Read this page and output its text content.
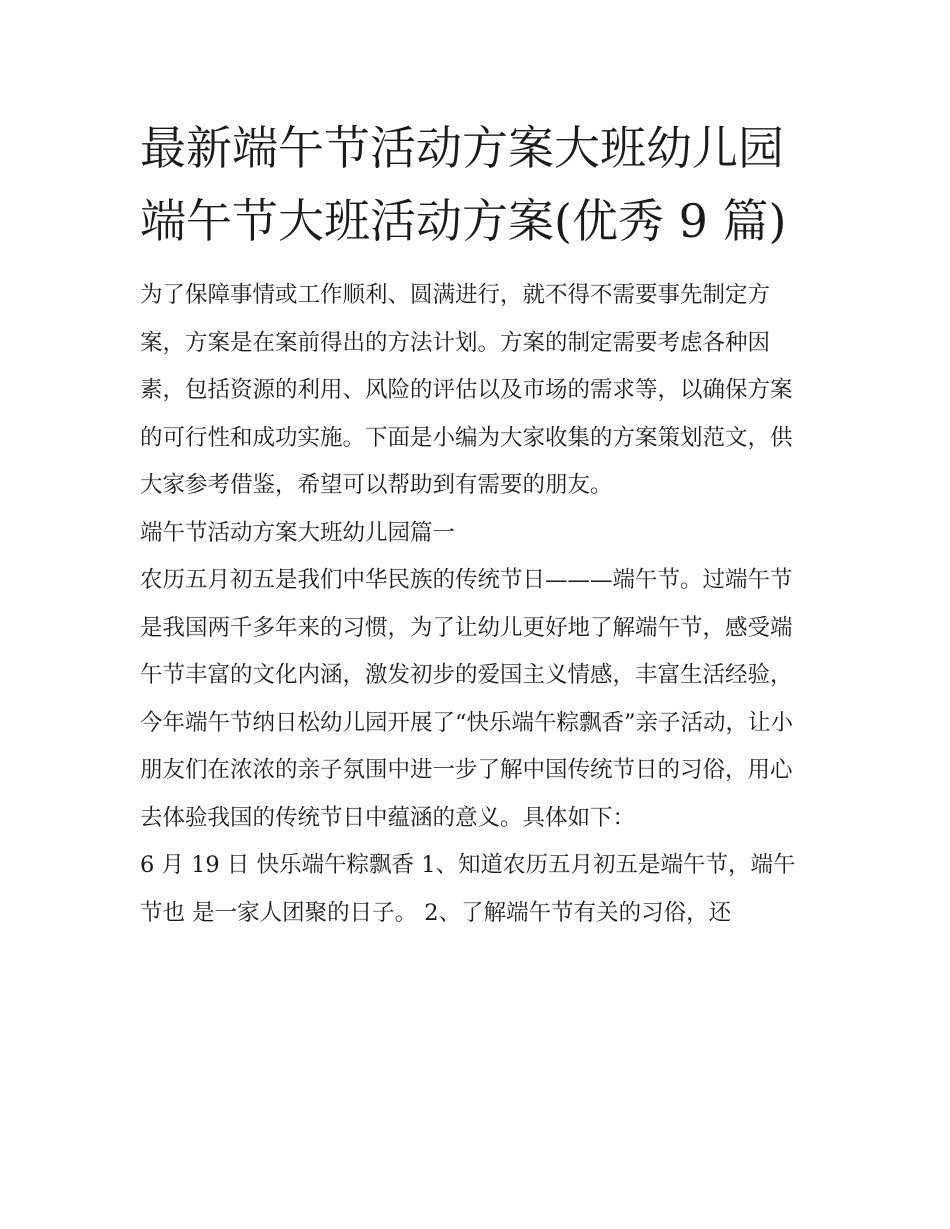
最新端午节活动方案大班幼儿园 端午节大班活动方案(优秀 9 篇)

为了保障事情或工作顺利、圆满进行，就不得不需要事先制定方案，方案是在案前得出的方法计划。方案的制定需要考虑各种因素，包括资源的利用、风险的评估以及市场的需求等，以确保方案的可行性和成功实施。下面是小编为大家收集的方案策划范文，供大家参考借鉴，希望可以帮助到有需要的朋友。

端午节活动方案大班幼儿园篇一

农历五月初五是我们中华民族的传统节日———端午节。过端午节是我国两千多年来的习惯，为了让幼儿更好地了解端午节，感受端午节丰富的文化内涵，激发初步的爱国主义情感，丰富生活经验，今年端午节纳日松幼儿园开展了“快乐端午粽飘香”亲子活动，让小朋友们在浓浓的亲子氛围中进一步了解中国传统节日的习俗，用心去体验我国的传统节日中蕴涵的意义。具体如下：

6 月 19 日 快乐端午粽飘香 1、知道农历五月初五是端午节，端午节也 是一家人团聚的日子。 2、了解端午节有关的习俗，还
